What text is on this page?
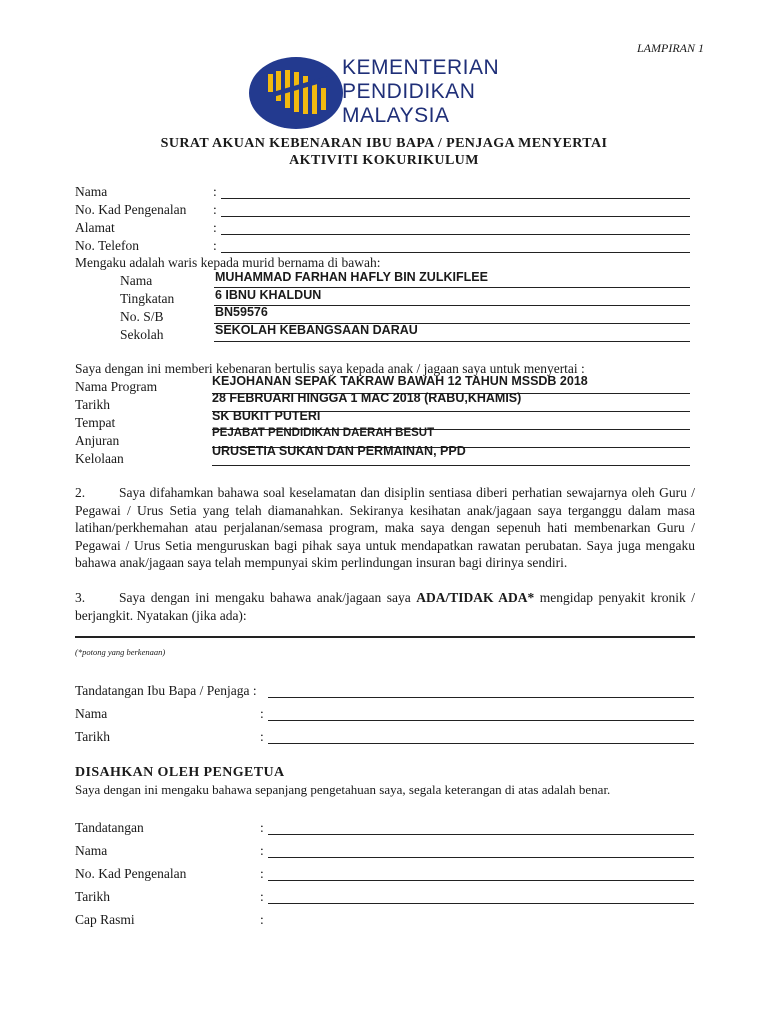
LAMPIRAN 1
KEMENTERIAN
PENDIDIKAN
MALAYSIA
SURAT AKUAN KEBENARAN IBU BAPA / PENJAGA MENYERTAI
AKTIVITI KOKURIKULUM
Nama	:
No. Kad Pengenalan :
Alamat	:
No. Telefon	:
Mengaku adalah waris kepada murid bernama di bawah:
Nama	MUHAMMAD FARHAN HAFLY BIN ZULKIFLEE
Tingkatan	6 IBNU KHALDUN
No. S/B	BN59576
Sekolah	SEKOLAH KEBANGSAAN DARAU
Saya dengan ini memberi kebenaran bertulis saya kepada anak / jagaan saya untuk menyertai :
Nama Program	KEJOHANAN SEPAK TAKRAW BAWAH 12 TAHUN MSSDB 2018
Tarikh	28 FEBRUARI HINGGA 1 MAC 2018 (RABU,KHAMIS)
Tempat	SK BUKIT PUTERI
Anjuran	PEJABAT PENDIDIKAN DAERAH BESUT
Kelolaan	URUSETIA SUKAN DAN PERMAINAN, PPD
2.	Saya difahamkan bahawa soal keselamatan dan disiplin sentiasa diberi perhatian sewajarnya oleh Guru / Pegawai / Urus Setia yang telah diamanahkan. Sekiranya kesihatan anak/jagaan saya terganggu dalam masa latihan/perkhemahan atau perjalanan/semasa program, maka saya dengan sepenuh hati membenarkan Guru / Pegawai / Urus Setia menguruskan bagi pihak saya untuk mendapatkan rawatan perubatan. Saya juga mengaku bahawa anak/jagaan saya telah mempunyai skim perlindungan insuran bagi dirinya sendiri.
3.	Saya dengan ini mengaku bahawa anak/jagaan saya ADA/TIDAK ADA* mengidap penyakit kronik / berjangkit. Nyatakan (jika ada):
(*potong yang berkenaan)
Tandatangan Ibu Bapa / Penjaga :
Nama	:
Tarikh	:
DISAHKAN OLEH PENGETUA
Saya dengan ini mengaku bahawa sepanjang pengetahuan saya, segala keterangan di atas adalah benar.
Tandatangan	:
Nama	:
No. Kad Pengenalan	:
Tarikh	:
Cap Rasmi	:
